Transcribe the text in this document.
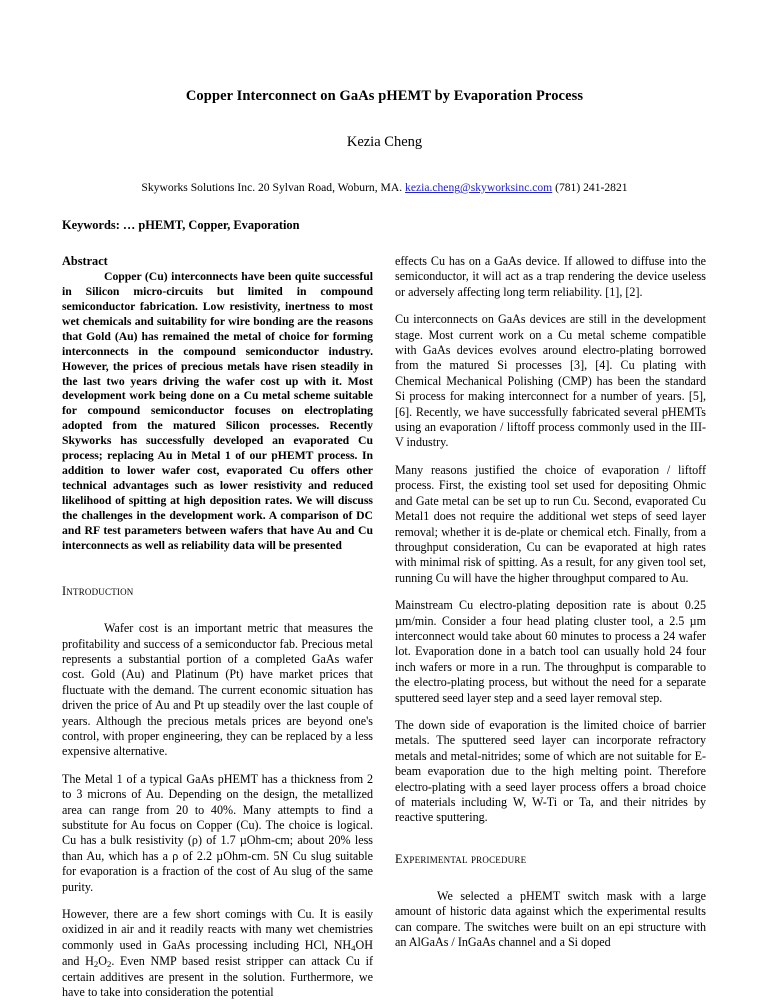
Copper Interconnect on GaAs pHEMT by Evaporation Process
Kezia Cheng
Skyworks Solutions Inc. 20 Sylvan Road, Woburn, MA. kezia.cheng@skyworksinc.com (781) 241-2821
Keywords: … pHEMT, Copper, Evaporation

Abstract

Copper (Cu) interconnects have been quite successful in Silicon micro-circuits but limited in compound semiconductor fabrication. Low resistivity, inertness to most wet chemicals and suitability for wire bonding are the reasons that Gold (Au) has remained the metal of choice for forming interconnects in the compound semiconductor industry. However, the prices of precious metals have risen steadily in the last two years driving the wafer cost up with it. Most development work being done on a Cu metal scheme suitable for compound semiconductor focuses on electroplating adopted from the matured Silicon processes. Recently Skyworks has successfully developed an evaporated Cu process; replacing Au in Metal 1 of our pHEMT process. In addition to lower wafer cost, evaporated Cu offers other technical advantages such as lower resistivity and reduced likelihood of spitting at high deposition rates. We will discuss the challenges in the development work. A comparison of DC and RF test parameters between wafers that have Au and Cu interconnects as well as reliability data will be presented

Introduction

Wafer cost is an important metric that measures the profitability and success of a semiconductor fab. Precious metal represents a substantial portion of a completed GaAs wafer cost. Gold (Au) and Platinum (Pt) have market prices that fluctuate with the demand. The current economic situation has driven the price of Au and Pt up steadily over the last couple of years. Although the precious metals prices are beyond one's control, with proper engineering, they can be replaced by a less expensive alternative.

The Metal 1 of a typical GaAs pHEMT has a thickness from 2 to 3 microns of Au. Depending on the design, the metallized area can range from 20 to 40%. Many attempts to find a substitute for Au focus on Copper (Cu). The choice is logical. Cu has a bulk resistivity (ρ) of 1.7 µOhm-cm; about 20% less than Au, which has a ρ of 2.2 µOhm-cm. 5N Cu slug suitable for evaporation is a fraction of the cost of Au slug of the same purity.

However, there are a few short comings with Cu. It is easily oxidized in air and it readily reacts with many wet chemistries commonly used in GaAs processing including HCl, $NH_4OH$ and $H_2O_2$. Even NMP based resist stripper can attack Cu if certain additives are present in the solution. Furthermore, we have to take into consideration the potential

effects Cu has on a GaAs device. If allowed to diffuse into the semiconductor, it will act as a trap rendering the device useless or adversely affecting long term reliability. [1], [2].

Cu interconnects on GaAs devices are still in the development stage. Most current work on a Cu metal scheme compatible with GaAs devices evolves around electro-plating borrowed from the matured Si processes [3], [4]. Cu plating with Chemical Mechanical Polishing (CMP) has been the standard Si process for making interconnect for a number of years. [5], [6]. Recently, we have successfully fabricated several pHEMTs using an evaporation / liftoff process commonly used in the III-V industry.

Many reasons justified the choice of evaporation / liftoff process. First, the existing tool set used for depositing Ohmic and Gate metal can be set up to run Cu. Second, evaporated Cu Metal1 does not require the additional wet steps of seed layer removal; whether it is de-plate or chemical etch. Finally, from a throughput consideration, Cu can be evaporated at high rates with minimal risk of spitting. As a result, for any given tool set, running Cu will have the higher throughput compared to Au.

Mainstream Cu electro-plating deposition rate is about 0.25 µm/min. Consider a four head plating cluster tool, a 2.5 µm interconnect would take about 60 minutes to process a 24 wafer lot. Evaporation done in a batch tool can usually hold 24 four inch wafers or more in a run. The throughput is comparable to the electro-plating process, but without the need for a separate sputtered seed layer step and a seed layer removal step.

The down side of evaporation is the limited choice of barrier metals. The sputtered seed layer can incorporate refractory metals and metal-nitrides; some of which are not suitable for E-beam evaporation due to the high melting point. Therefore electro-plating with a seed layer process offers a broad choice of materials including W, W-Ti or Ta, and their nitrides by reactive sputtering.

Experimental procedure

We selected a pHEMT switch mask with a large amount of historic data against which the experimental results can compare. The switches were built on an epi structure with an AlGaAs / InGaAs channel and a Si doped
